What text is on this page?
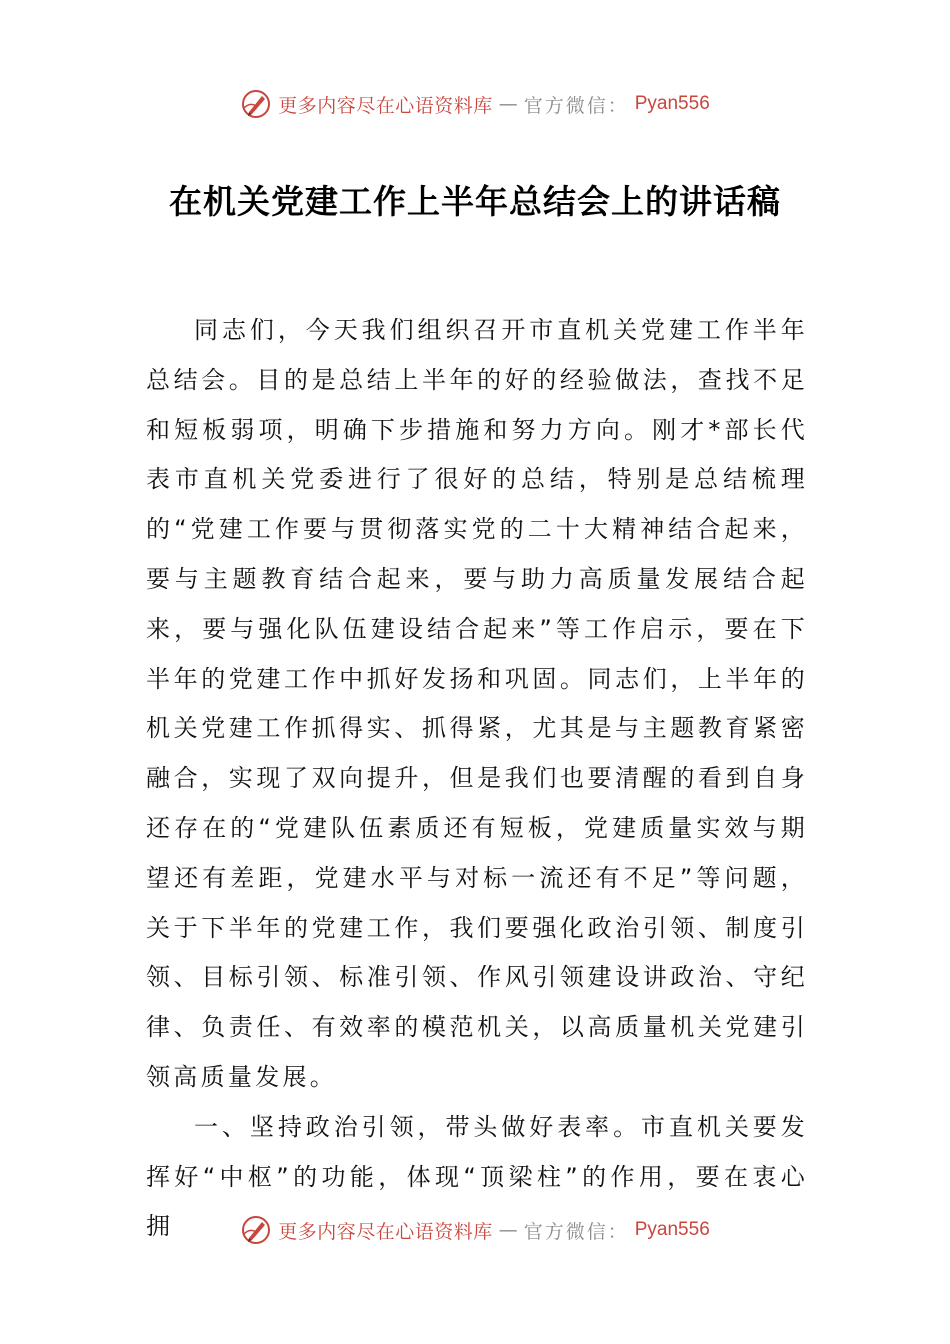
更多内容尽在心语资料库 — 官方微信： Pyan556
在机关党建工作上半年总结会上的讲话稿

同志们，今天我们组织召开市直机关党建工作半年总结会。目的是总结上半年的好的经验做法，查找不足和短板弱项，明确下步措施和努力方向。刚才*部长代表市直机关党委进行了很好的总结，特别是总结梳理的“党建工作要与贯彻落实党的二十大精神结合起来，要与主题教育结合起来，要与助力高质量发展结合起来，要与强化队伍建设结合起来”等工作启示，要在下半年的党建工作中抓好发扬和巩固。同志们，上半年的机关党建工作抓得实、抓得紧，尤其是与主题教育紧密融合，实现了双向提升，但是我们也要清醒的看到自身还存在的“党建队伍素质还有短板，党建质量实效与期望还有差距，党建水平与对标一流还有不足”等问题，关于下半年的党建工作，我们要强化政治引领、制度引领、目标引领、标准引领、作风引领建设讲政治、守纪律、负责任、有效率的模范机关，以高质量机关党建引领高质量发展。

一、坚持政治引领，带头做好表率。市直机关要发挥好“中枢”的功能，体现“顶梁柱”的作用，要在衷心拥	更多内容尽在心语资料库 — 官方微信： Pyan556
